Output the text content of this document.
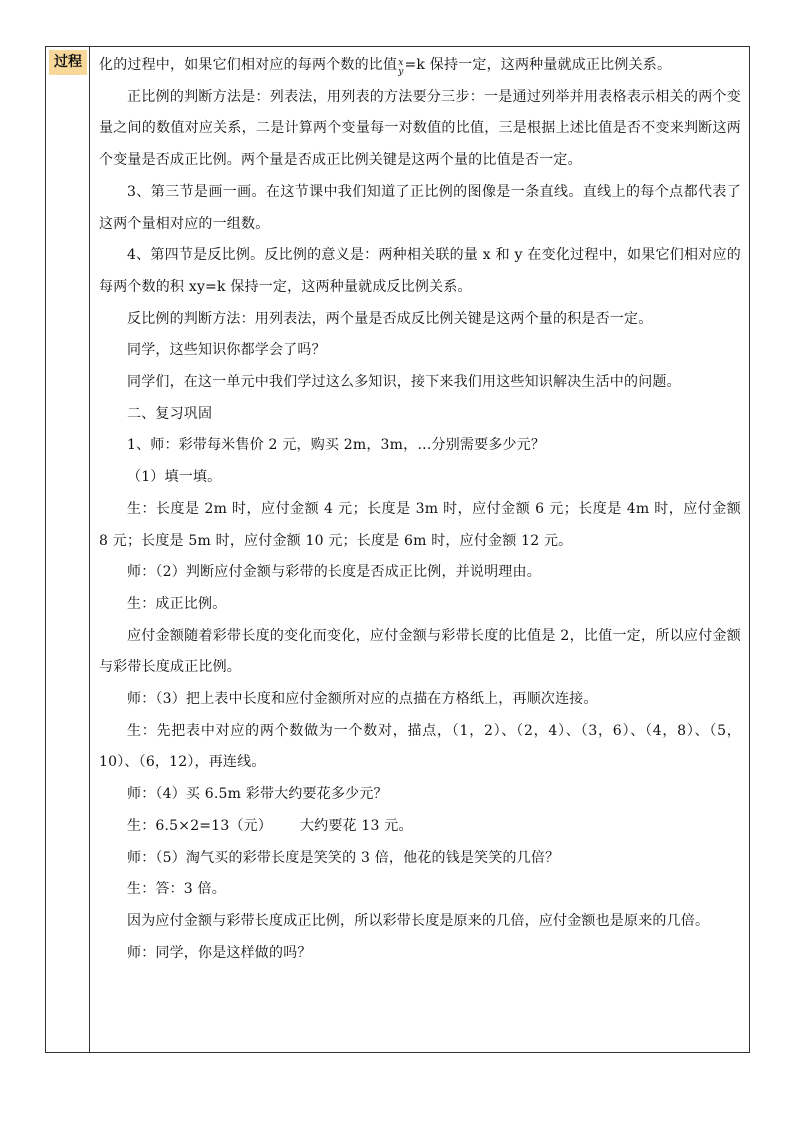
过程	化的过程中，如果它们相对应的每两个数的比值 x
y =k 保持一定，这两种量就成正比例关系。

正比例的判断方法是：列表法，用列表的方法要分三步：一是通过列举并用表格表示相关的两个变量之间的数值对应关系，二是计算两个变量每一对数值的比值，三是根据上述比值是否不变来判断这两个变量是否成正比例。两个量是否成正比例关键是这两个量的比值是否一定。

3、第三节是画一画。在这节课中我们知道了正比例的图像是一条直线。直线上的每个点都代表了这两个量相对应的一组数。

4、第四节是反比例。反比例的意义是：两种相关联的量 x 和 y 在变化过程中，如果它们相对应的每两个数的积 xy=k 保持一定，这两种量就成反比例关系。

反比例的判断方法：用列表法，两个量是否成反比例关键是这两个量的积是否一定。

同学，这些知识你都学会了吗？

同学们，在这一单元中我们学过这么多知识，接下来我们用这些知识解决生活中的问题。

二、复习巩固

1、师：彩带每米售价 2 元，购买 2m，3m，…分别需要多少元？

（1）填一填。

生：长度是 2m 时，应付金额 4 元；长度是 3m 时，应付金额 6 元；长度是 4m 时，应付金额 8 元；长度是 5m 时，应付金额 10 元；长度是 6m 时，应付金额 12 元。

师：（2）判断应付金额与彩带的长度是否成正比例，并说明理由。

生：成正比例。

应付金额随着彩带长度的变化而变化，应付金额与彩带长度的比值是 2，比值一定，所以应付金额与彩带长度成正比例。

师：（3）把上表中长度和应付金额所对应的点描在方格纸上，再顺次连接。

生：先把表中对应的两个数做为一个数对，描点，（1，2）、（2，4）、（3，6）、（4，8）、（5，10）、（6，12），再连线。

师：（4）买 6.5m 彩带大约要花多少元？

生：6.5×2=13（元）      大约要花 13 元。

师：（5）淘气买的彩带长度是笑笑的 3 倍，他花的钱是笑笑的几倍？

生：答：3 倍。

因为应付金额与彩带长度成正比例，所以彩带长度是原来的几倍，应付金额也是原来的几倍。

师：同学，你是这样做的吗？
